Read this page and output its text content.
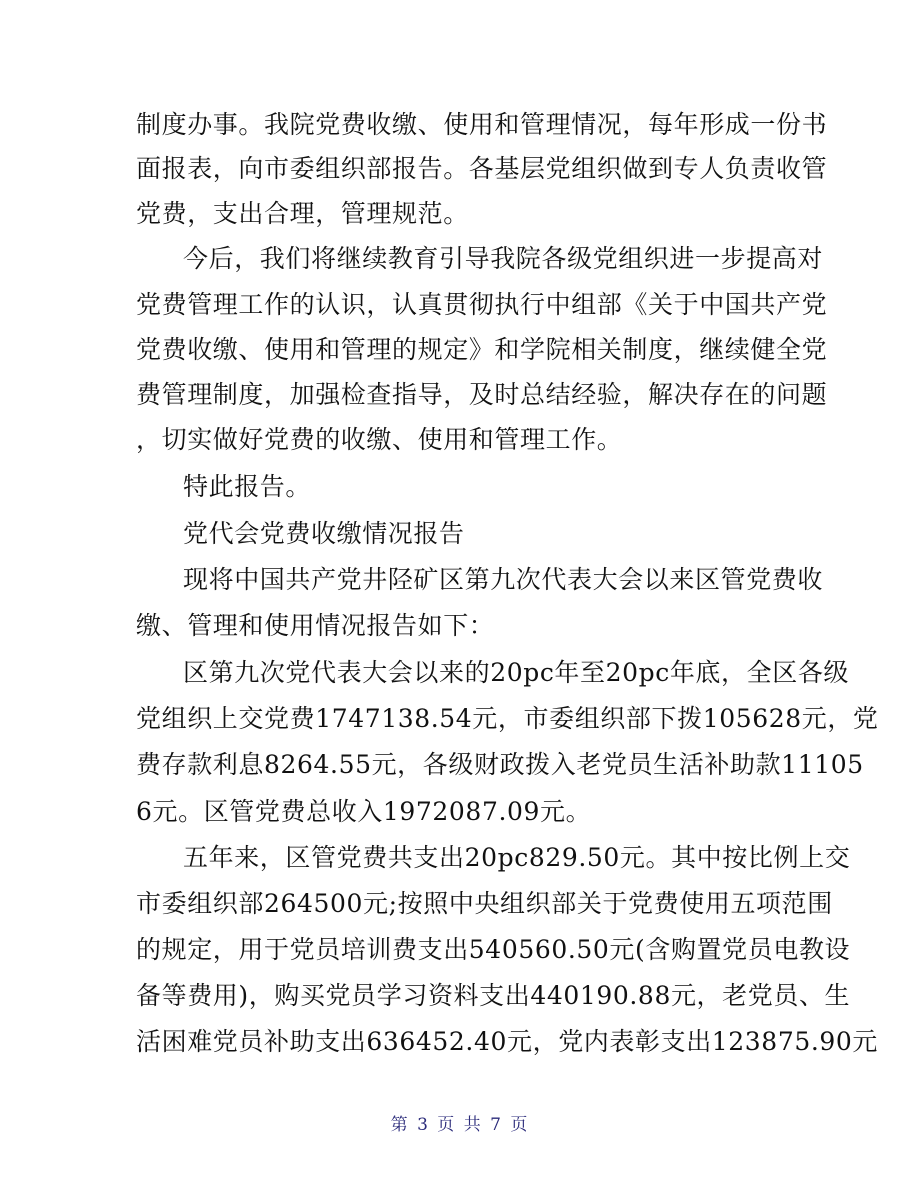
制度办事。我院党费收缴、使用和管理情况，每年形成一份书
面报表，向市委组织部报告。各基层党组织做到专人负责收管
党费，支出合理，管理规范。
今后，我们将继续教育引导我院各级党组织进一步提高对
党费管理工作的认识，认真贯彻执行中组部《关于中国共产党
党费收缴、使用和管理的规定》和学院相关制度，继续健全党
费管理制度，加强检查指导，及时总结经验，解决存在的问题
，切实做好党费的收缴、使用和管理工作。
特此报告。
党代会党费收缴情况报告
现将中国共产党井陉矿区第九次代表大会以来区管党费收
缴、管理和使用情况报告如下：
区第九次党代表大会以来的20pc年至20pc年底，全区各级
党组织上交党费1747138.54元，市委组织部下拨105628元，党
费存款利息8264.55元，各级财政拨入老党员生活补助款11105
6元。区管党费总收入1972087.09元。
五年来，区管党费共支出20pc829.50元。其中按比例上交
市委组织部264500元;按照中央组织部关于党费使用五项范围
的规定，用于党员培训费支出540560.50元(含购置党员电教设
备等费用)，购买党员学习资料支出440190.88元，老党员、生
活困难党员补助支出636452.40元，党内表彰支出123875.90元
第 3 页 共 7 页
